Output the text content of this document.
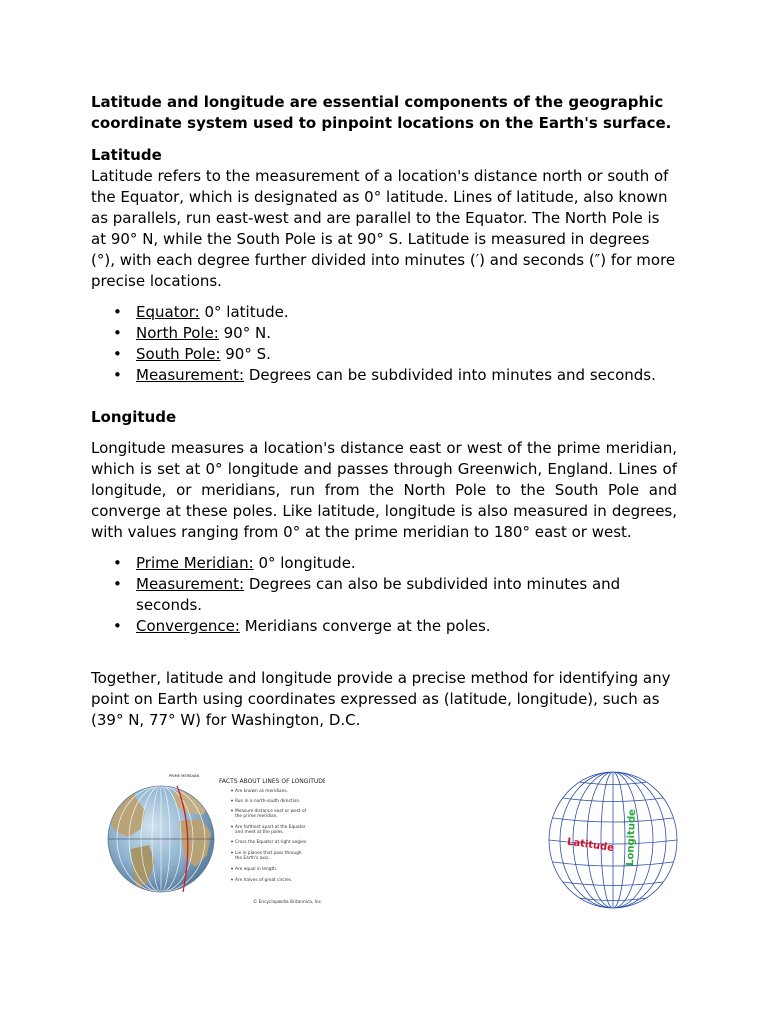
Latitude and longitude are essential components of the geographic coordinate system used to pinpoint locations on the Earth's surface.

Latitude

Latitude refers to the measurement of a location's distance north or south of the Equator, which is designated as 0° latitude. Lines of latitude, also known as parallels, run east-west and are parallel to the Equator. The North Pole is at 90° N, while the South Pole is at 90° S. Latitude is measured in degrees (°), with each degree further divided into minutes (′) and seconds (″) for more precise locations.

• Equator: 0° latitude.
• North Pole: 90° N.
• South Pole: 90° S.
• Measurement: Degrees can be subdivided into minutes and seconds.

Longitude

Longitude measures a location's distance east or west of the prime meridian, which is set at 0° longitude and passes through Greenwich, England. Lines of longitude, or meridians, run from the North Pole to the South Pole and converge at these poles. Like latitude, longitude is also measured in degrees, with values ranging from 0° at the prime meridian to 180° east or west.

• Prime Meridian: 0° longitude.
• Measurement: Degrees can also be subdivided into minutes and seconds.
• Convergence: Meridians converge at the poles.

Together, latitude and longitude provide a precise method for identifying any point on Earth using coordinates expressed as (latitude, longitude), such as (39° N, 77° W) for Washington, D.C.

PRIME MERIDIAN
FACTS ABOUT LINES OF LONGITUDE
Are known as meridians.
Run in a north-south direction.
Measure distance east or west of
the prime meridian.
Are farthest apart at the Equator
and meet at the poles.
Cross the Equator at right angles.
Lie in planes that pass through
the Earth's axis.
Are equal in length.
Are halves of great circles.
© Encyclopædia Britannica, Inc.
Latitude Longitude
